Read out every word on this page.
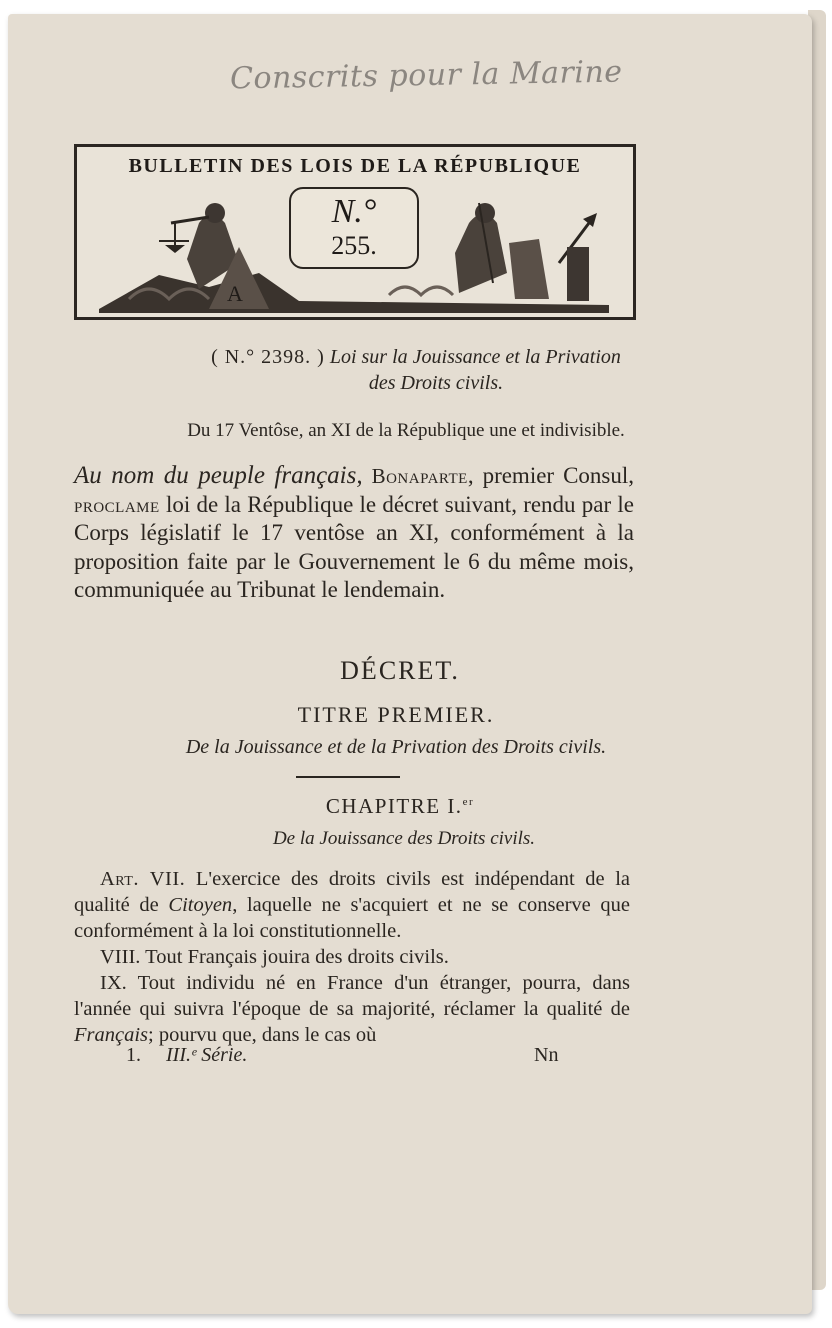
Conscrits pour la Marine
BULLETIN DES LOIS DE LA RÉPUBLIQUE
A
N.°
255.
( N.° 2398. ) Loi sur la Jouissance et la Privation
des Droits civils.
Du 17 Ventôse, an XI de la République une et indivisible.
Au nom du peuple français, Bonaparte, premier Consul, proclame loi de la République le décret suivant, rendu par le Corps législatif le 17 ventôse an XI, conformément à la proposition faite par le Gouvernement le 6 du même mois, communiquée au Tribunat le lendemain.
DÉCRET.
TITRE PREMIER.
De la Jouissance et de la Privation des Droits civils.
CHAPITRE I.$^{er}$
De la Jouissance des Droits civils.

Art. VII. L'exercice des droits civils est indépendant de la qualité de Citoyen, laquelle ne s'acquiert et ne se conserve que conformément à la loi constitutionnelle.

VIII. Tout Français jouira des droits civils.

IX. Tout individu né en France d'un étranger, pourra, dans l'année qui suivra l'époque de sa majorité, réclamer la qualité de Français; pourvu que, dans le cas où

1. III.ᵉ Série.	Nn
